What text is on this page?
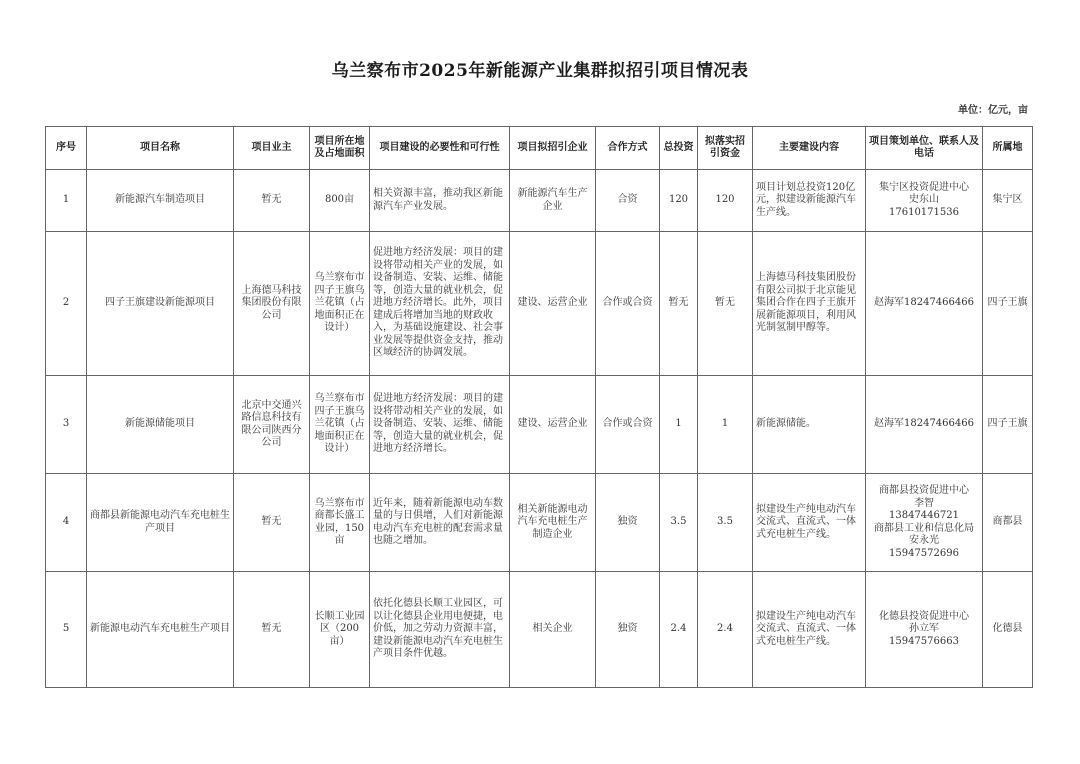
乌兰察布市2025年新能源产业集群拟招引项目情况表
单位：亿元，亩
序号	项目名称	项目业主	项目所在地及占地面积	项目建设的必要性和可行性	项目拟招引企业	合作方式	总投资	拟落实招引资金	主要建设内容	项目策划单位、联系人及电话	所属地
1	新能源汽车制造项目	暂无	800亩	相关资源丰富，推动我区新能源汽车产业发展。	新能源汽车生产企业	合资	120	120	项目计划总投资120亿元，拟建设新能源汽车生产线。	集宁区投资促进中心
史东山
17610171536	集宁区
2	四子王旗建设新能源项目	上海德马科技集团股份有限公司	乌兰察布市四子王旗乌兰花镇（占地面积正在设计）	促进地方经济发展：项目的建设将带动相关产业的发展，如设备制造、安装、运维、储能等，创造大量的就业机会，促进地方经济增长。此外，项目建成后将增加当地的财政收入，为基础设施建设、社会事业发展等提供资金支持，推动区域经济的协调发展。	建设、运营企业	合作或合资	暂无	暂无	上海德马科技集团股份有限公司拟于北京能见集团合作在四子王旗开展新能源项目，利用风光制氢制甲醇等。	赵海军18247466466	四子王旗
3	新能源储能项目	北京中交通兴路信息科技有限公司陕西分公司	乌兰察布市四子王旗乌兰花镇（占地面积正在设计）	促进地方经济发展：项目的建设将带动相关产业的发展，如设备制造、安装、运维、储能等，创造大量的就业机会，促进地方经济增长。	建设、运营企业	合作或合资	1	1	新能源储能。	赵海军18247466466	四子王旗
4	商都县新能源电动汽车充电桩生产项目	暂无	乌兰察布市商都长盛工业园，150亩	近年来，随着新能源电动车数量的与日俱增，人们对新能源电动汽车充电桩的配套需求量也随之增加。	相关新能源电动汽车充电桩生产制造企业	独资	3.5	3.5	拟建设生产纯电动汽车交流式、直流式、一体式充电桩生产线。	
商都县投资促进中心
李智
13847446721
商都县工业和信息化局
安永光
15947572696
	商都县
5	新能源电动汽车充电桩生产项目	暂无	长顺工业园区（200亩）	依托化德县长顺工业园区，可以让化德县企业用电便捷，电价低，加之劳动力资源丰富，建设新能源电动汽车充电桩生产项目条件优越。	相关企业	独资	2.4	2.4	拟建设生产纯电动汽车交流式、直流式、一体式充电桩生产线。	化德县投资促进中心
孙立军
15947576663	化德县
